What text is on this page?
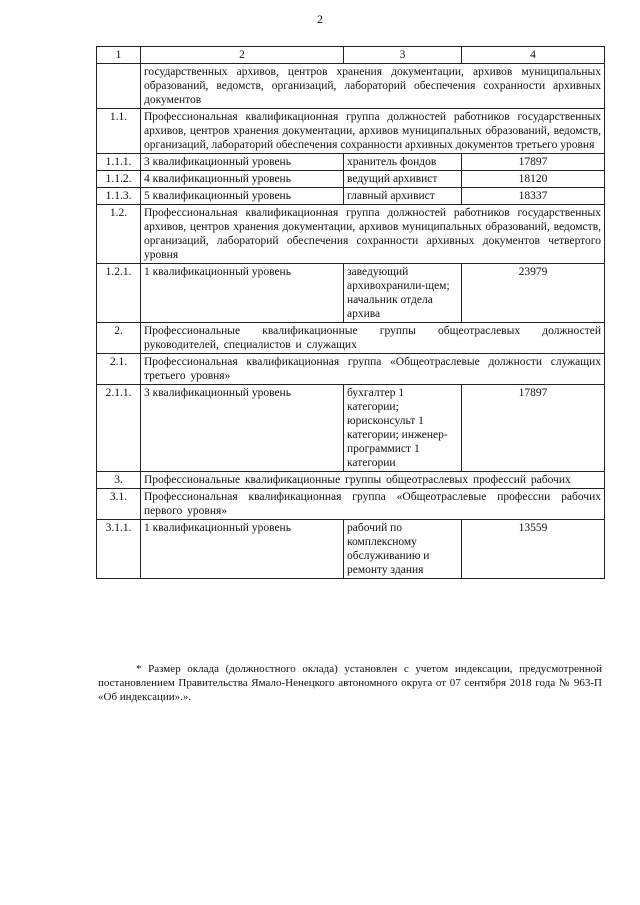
2
1	2	3	4
	государственных архивов, центров хранения документации, архивов муниципальных образований, ведомств, организаций, лабораторий обеспечения сохранности архивных документов		
1.1.	Профессиональная квалификационная группа должностей работников государственных архивов, центров хранения документации, архивов муниципальных образований, ведомств, организаций, лабораторий обеспечения сохранности архивных документов третьего уровня		
1.1.1.	3 квалификационный уровень	хранитель фондов	17897
1.1.2.	4 квалификационный уровень	ведущий архивист	18120
1.1.3.	5 квалификационный уровень	главный архивист	18337
1.2.	Профессиональная квалификационная группа должностей работников государственных архивов, центров хранения документации, архивов муниципальных образований, ведомств, организаций, лабораторий обеспечения сохранности архивных документов четвертого уровня		
1.2.1.	1 квалификационный уровень	заведующий архивохранили-щем; начальник отдела архива	23979
2.	Профессиональные квалификационные группы общеотраслевых должностей руководителей, специалистов и служащих		
2.1.	Профессиональная квалификационная группа «Общеотраслевые должности служащих третьего уровня»		
2.1.1.	3 квалификационный уровень	бухгалтер 1 категории; юрисконсульт 1 категории; инженер-программист 1 категории	17897
3.	Профессиональные квалификационные группы общеотраслевых профессий рабочих		
3.1.	Профессиональная квалификационная группа «Общеотраслевые профессии рабочих первого уровня»		
3.1.1.	1 квалификационный уровень	рабочий по комплексному обслуживанию и ремонту здания	13559
* Размер оклада (должностного оклада) установлен с учетом индексации, предусмотренной постановлением Правительства Ямало-Ненецкого автономного округа от 07 сентября 2018 года № 963-П «Об индексации».».
